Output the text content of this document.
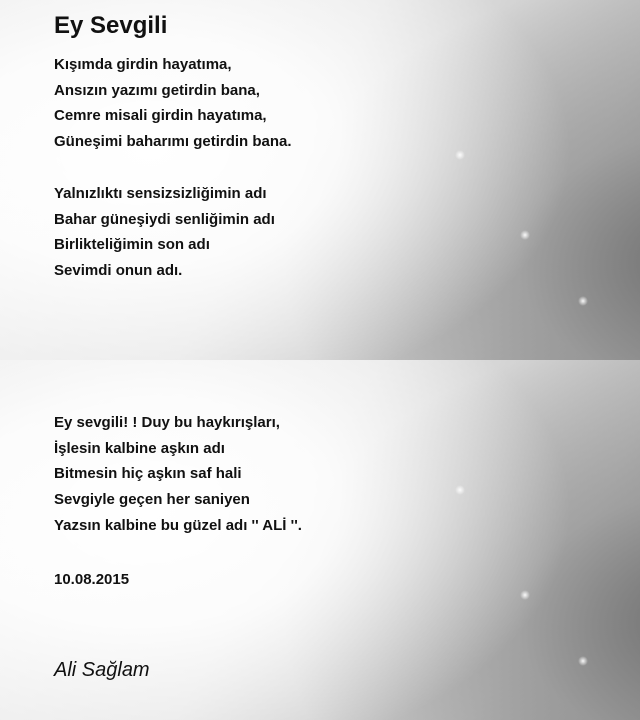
Ey Sevgili
Kışımda girdin hayatıma,
Ansızın yazımı getirdin bana,
Cemre misali girdin hayatıma,
Güneşimi baharımı getirdin bana.
Yalnızlıktı sensizsizliğimin adı
Bahar güneşiydi senliğimin adı
Birlikteliğimin son adı
Sevimdi onun adı.
Ey sevgili! ! Duy bu haykırışları,
İşlesin kalbine aşkın adı
Bitmesin hiç aşkın saf hali
Sevgiyle geçen her saniyen
Yazsın kalbine bu güzel adı '' ALİ ''.
10.08.2015
Ali Sağlam
